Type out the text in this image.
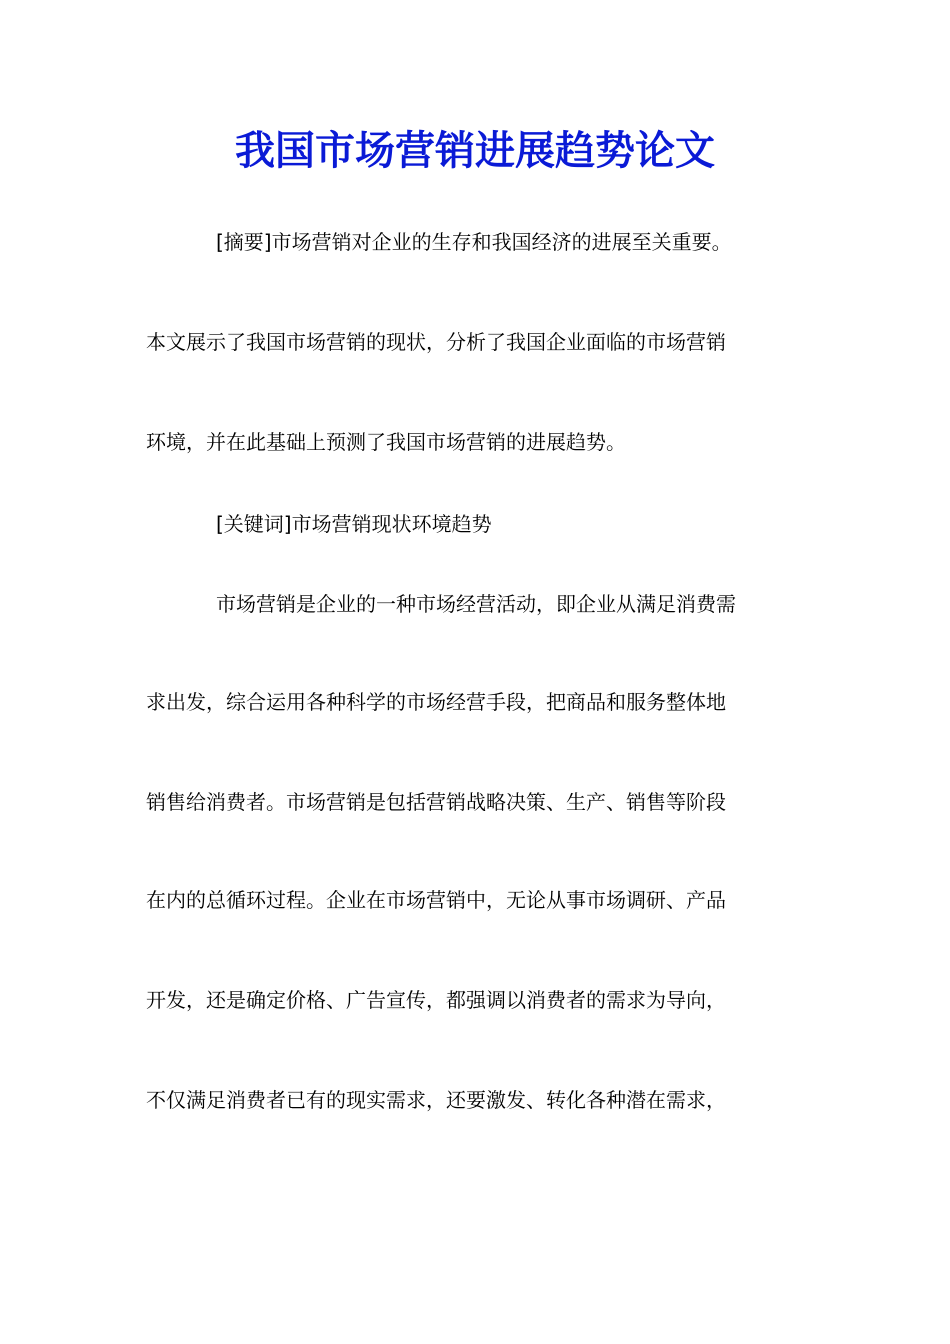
我国市场营销进展趋势论文

[摘要]市场营销对企业的生存和我国经济的进展至关重要。

本文展示了我国市场营销的现状，分析了我国企业面临的市场营销

环境，并在此基础上预测了我国市场营销的进展趋势。

[关键词]市场营销现状环境趋势

市场营销是企业的一种市场经营活动，即企业从满足消费需

求出发，综合运用各种科学的市场经营手段，把商品和服务整体地

销售给消费者。市场营销是包括营销战略决策、生产、销售等阶段

在内的总循环过程。企业在市场营销中，无论从事市场调研、产品

开发，还是确定价格、广告宣传，都强调以消费者的需求为导向，

不仅满足消费者已有的现实需求，还要激发、转化各种潜在需求，
